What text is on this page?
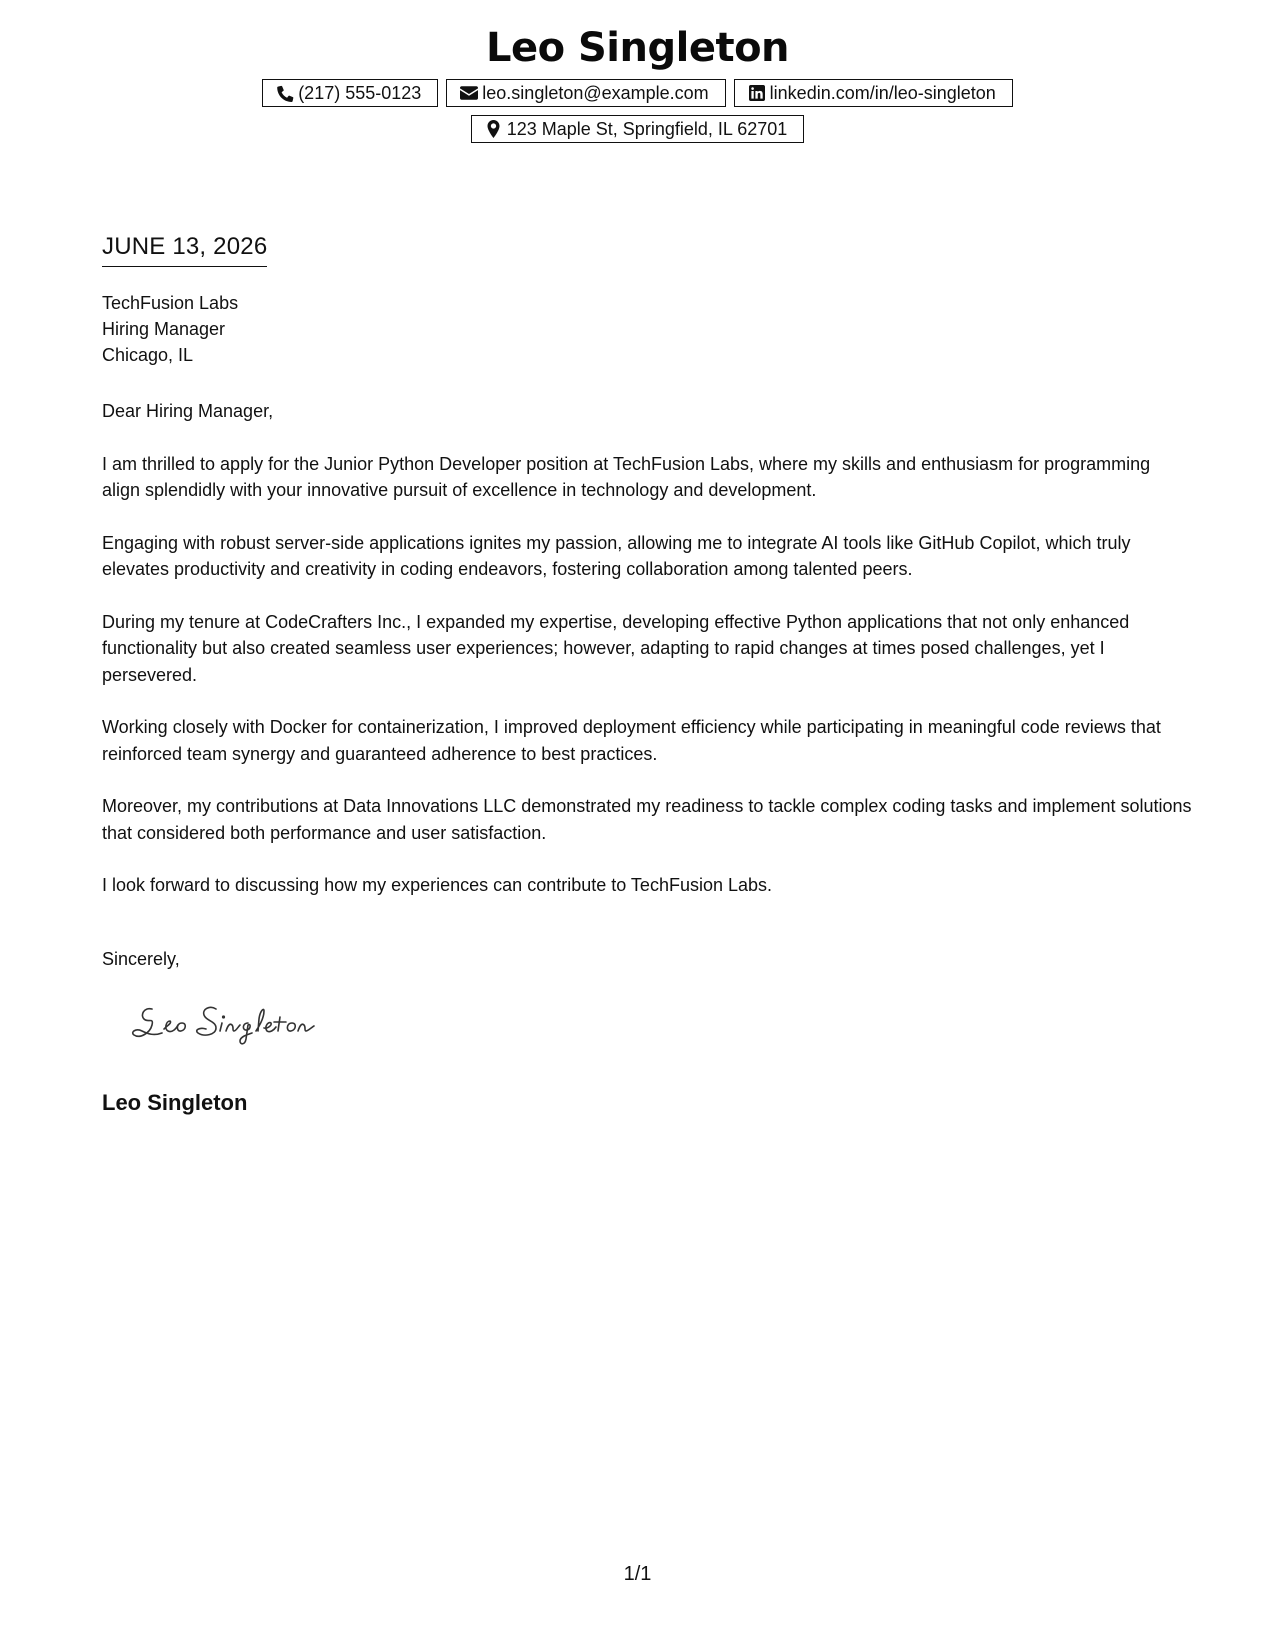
Leo Singleton
(217) 555-0123	leo.singleton@example.com	linkedin.com/in/leo-singleton
123 Maple St, Springfield, IL 62701
JUNE 13, 2026
TechFusion Labs
Hiring Manager
Chicago, IL

Dear Hiring Manager,

I am thrilled to apply for the Junior Python Developer position at TechFusion Labs, where my skills and enthusiasm for programming align splendidly with your innovative pursuit of excellence in technology and development.

Engaging with robust server-side applications ignites my passion, allowing me to integrate AI tools like GitHub Copilot, which truly elevates productivity and creativity in coding endeavors, fostering collaboration among talented peers.

During my tenure at CodeCrafters Inc., I expanded my expertise, developing effective Python applications that not only enhanced functionality but also created seamless user experiences; however, adapting to rapid changes at times posed challenges, yet I persevered.

Working closely with Docker for containerization, I improved deployment efficiency while participating in meaningful code reviews that reinforced team synergy and guaranteed adherence to best practices.

Moreover, my contributions at Data Innovations LLC demonstrated my readiness to tackle complex coding tasks and implement solutions that considered both performance and user satisfaction.

I look forward to discussing how my experiences can contribute to TechFusion Labs.

Sincerely,
Leo Singleton
1/1
